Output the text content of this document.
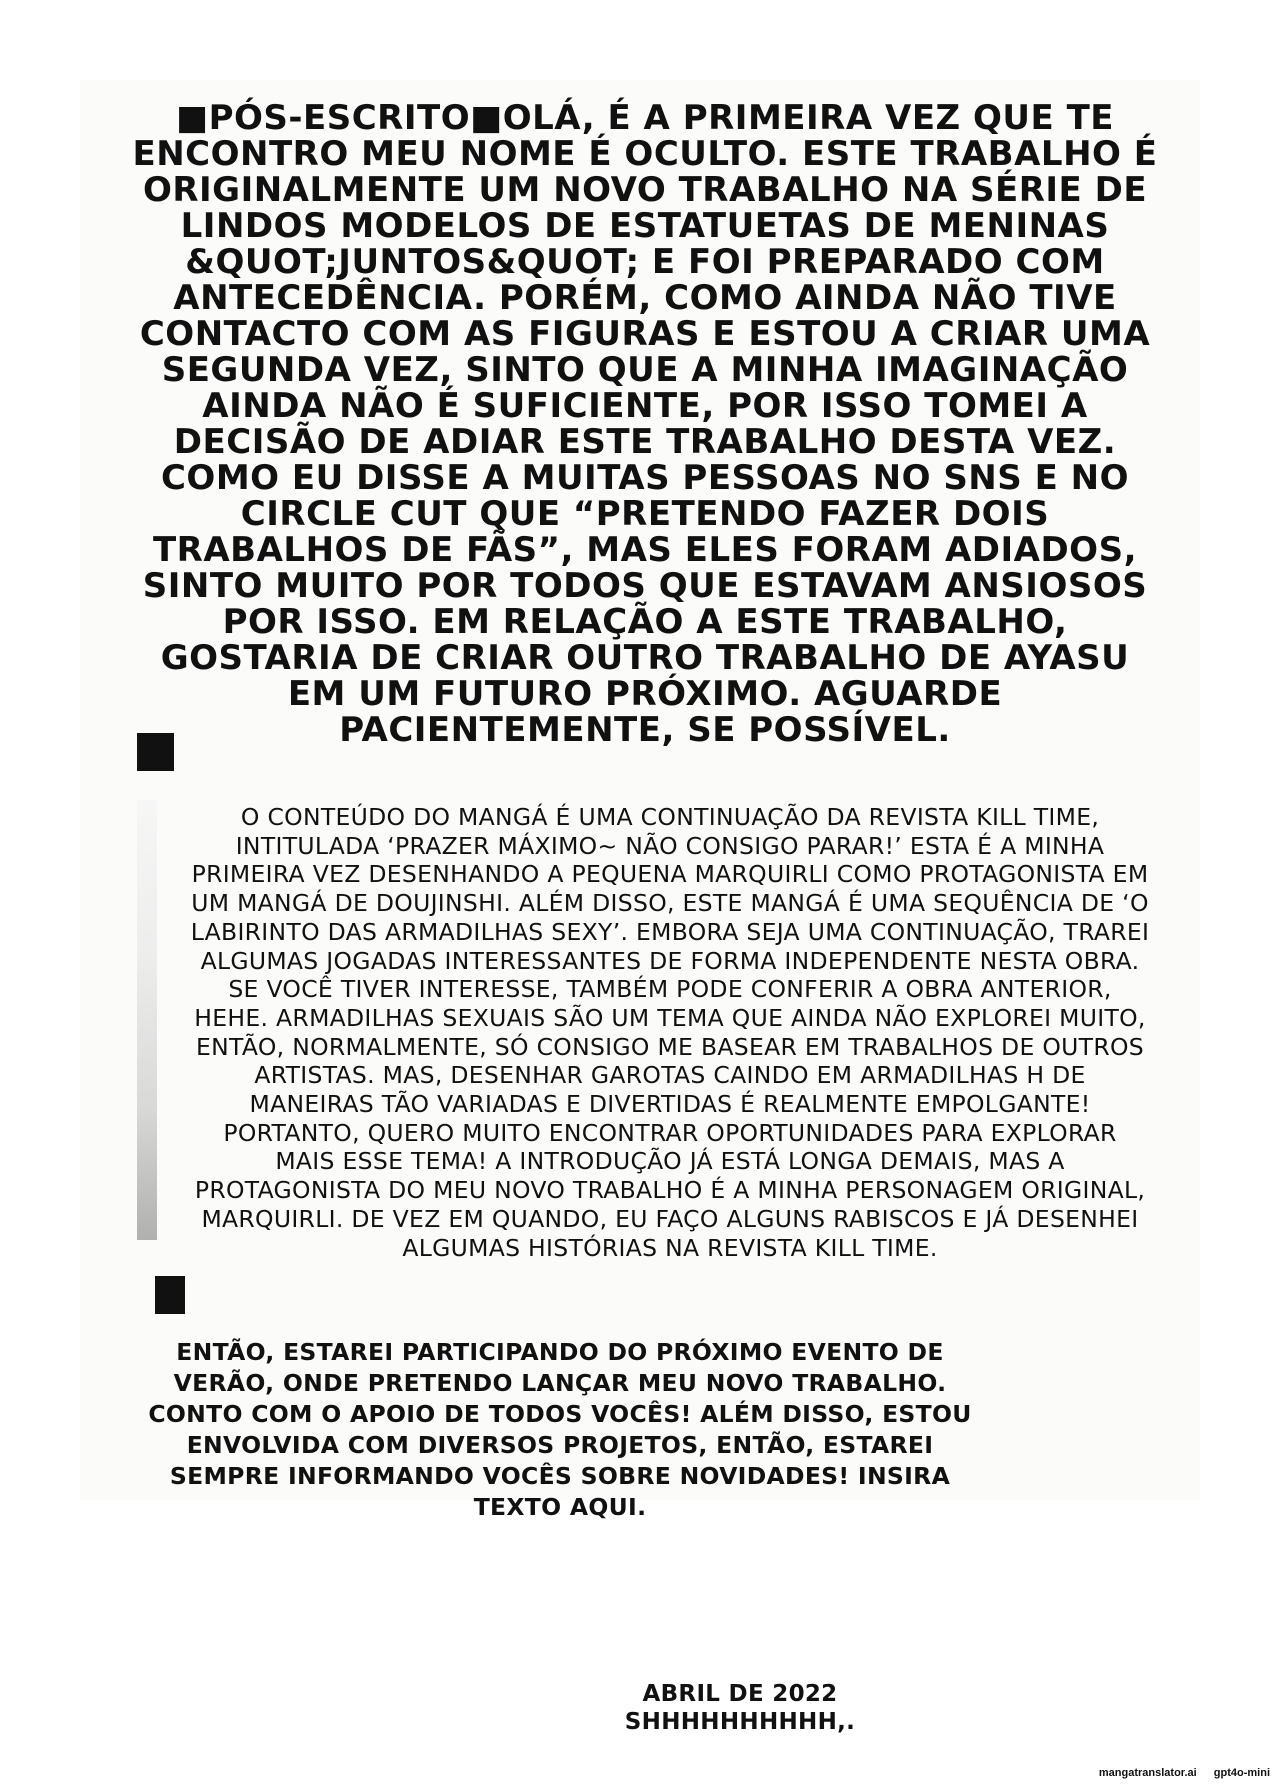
■PÓS-ESCRITO■OLÁ, É A PRIMEIRA VEZ QUE TE ENCONTRO MEU NOME É OCULTO. ESTE TRABALHO É ORIGINALMENTE UM NOVO TRABALHO NA SÉRIE DE LINDOS MODELOS DE ESTATUETAS DE MENINAS &QUOT;JUNTOS&QUOT; E FOI PREPARADO COM ANTECEDÊNCIA. PORÉM, COMO AINDA NÃO TIVE CONTACTO COM AS FIGURAS E ESTOU A CRIAR UMA SEGUNDA VEZ, SINTO QUE A MINHA IMAGINAÇÃO AINDA NÃO É SUFICIENTE, POR ISSO TOMEI A DECISÃO DE ADIAR ESTE TRABALHO DESTA VEZ. COMO EU DISSE A MUITAS PESSOAS NO SNS E NO CIRCLE CUT QUE “PRETENDO FAZER DOIS TRABALHOS DE FÃS”, MAS ELES FORAM ADIADOS, SINTO MUITO POR TODOS QUE ESTAVAM ANSIOSOS POR ISSO. EM RELAÇÃO A ESTE TRABALHO, GOSTARIA DE CRIAR OUTRO TRABALHO DE AYASU EM UM FUTURO PRÓXIMO. AGUARDE PACIENTEMENTE, SE POSSÍVEL.
O CONTEÚDO DO MANGÁ É UMA CONTINUAÇÃO DA REVISTA KILL TIME, INTITULADA ‘PRAZER MÁXIMO~ NÃO CONSIGO PARAR!’ ESTA É A MINHA PRIMEIRA VEZ DESENHANDO A PEQUENA MARQUIRLI COMO PROTAGONISTA EM UM MANGÁ DE DOUJINSHI. ALÉM DISSO, ESTE MANGÁ É UMA SEQUÊNCIA DE ‘O LABIRINTO DAS ARMADILHAS SEXY’. EMBORA SEJA UMA CONTINUAÇÃO, TRAREI ALGUMAS JOGADAS INTERESSANTES DE FORMA INDEPENDENTE NESTA OBRA. SE VOCÊ TIVER INTERESSE, TAMBÉM PODE CONFERIR A OBRA ANTERIOR, HEHE. ARMADILHAS SEXUAIS SÃO UM TEMA QUE AINDA NÃO EXPLOREI MUITO, ENTÃO, NORMALMENTE, SÓ CONSIGO ME BASEAR EM TRABALHOS DE OUTROS ARTISTAS. MAS, DESENHAR GAROTAS CAINDO EM ARMADILHAS H DE MANEIRAS TÃO VARIADAS E DIVERTIDAS É REALMENTE EMPOLGANTE! PORTANTO, QUERO MUITO ENCONTRAR OPORTUNIDADES PARA EXPLORAR MAIS ESSE TEMA! A INTRODUÇÃO JÁ ESTÁ LONGA DEMAIS, MAS A PROTAGONISTA DO MEU NOVO TRABALHO É A MINHA PERSONAGEM ORIGINAL, MARQUIRLI. DE VEZ EM QUANDO, EU FAÇO ALGUNS RABISCOS E JÁ DESENHEI ALGUMAS HISTÓRIAS NA REVISTA KILL TIME.
ENTÃO, ESTAREI PARTICIPANDO DO PRÓXIMO EVENTO DE VERÃO, ONDE PRETENDO LANÇAR MEU NOVO TRABALHO. CONTO COM O APOIO DE TODOS VOCÊS! ALÉM DISSO, ESTOU ENVOLVIDA COM DIVERSOS PROJETOS, ENTÃO, ESTAREI SEMPRE INFORMANDO VOCÊS SOBRE NOVIDADES! INSIRA TEXTO AQUI.
ABRIL DE 2022
SHHHHHHHHHH,.
mangatranslator.ai gpt4o-mini
